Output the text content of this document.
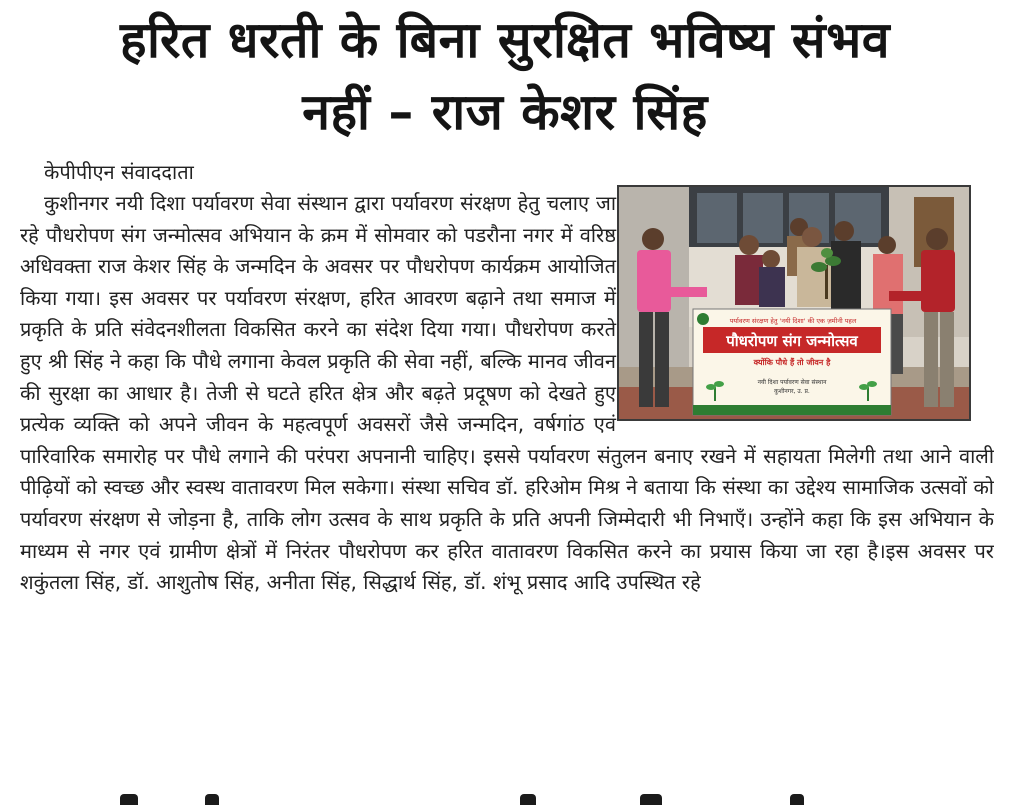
हरित धरती के बिना सुरक्षित भविष्य संभव
नहीं – राज केशर सिंह
केपीपीएन संवाददाता
कुशीनगर नयी दिशा पर्यावरण सेवा संस्थान द्वारा पर्यावरण संरक्षण हेतु चलाए जा रहे पौधरोपण संग जन्मोत्सव अभियान के क्रम में सोमवार को पडरौना नगर में वरिष्ठ अधिवक्ता राज केशर सिंह के जन्मदिन के अवसर पर पौधरोपण कार्यक्रम आयोजित किया गया। इस अवसर पर पर्यावरण संरक्षण, हरित आवरण बढ़ाने तथा समाज में प्रकृति के प्रति संवेदनशीलता विकसित करने का संदेश दिया गया। पौधरोपण करते हुए श्री सिंह ने कहा कि पौधे लगाना केवल प्रकृति की सेवा नहीं, बल्कि मानव जीवन की सुरक्षा का आधार है। तेजी से घटते हरित क्षेत्र और बढ़ते प्रदूषण को देखते हुए प्रत्येक व्यक्ति को अपने जीवन के महत्वपूर्ण अवसरों जैसे जन्मदिन, वर्षगांठ एवं पारिवारिक समारोह पर पौधे लगाने की परंपरा अपनानी चाहिए। इससे पर्यावरण संतुलन बनाए रखने में सहायता मिलेगी तथा आने वाली पीढ़ियों को स्वच्छ और स्वस्थ वातावरण मिल सकेगा। संस्था सचिव डॉ. हरिओम मिश्र ने बताया कि संस्था का उद्देश्य सामाजिक उत्सवों को पर्यावरण संरक्षण से जोड़ना है, ताकि लोग उत्सव के साथ प्रकृति के प्रति अपनी जिम्मेदारी भी निभाएँ। उन्होंने कहा कि इस अभियान के माध्यम से नगर एवं ग्रामीण क्षेत्रों में निरंतर पौधरोपण कर हरित वातावरण विकसित करने का प्रयास किया जा रहा है।इस अवसर पर शकुंतला सिंह, डॉ. आशुतोष सिंह, अनीता सिंह, सिद्धार्थ सिंह, डॉ. शंभू प्रसाद आदि उपस्थित रहे
पर्यावरण संरक्षण हेतु 'नयी दिशा' की एक ज़मीनी पहल
पौधरोपण संग जन्मोत्सव
क्योंकि पौधे हैं तो जीवन है
नयी दिशा पर्यावरण सेवा संस्थान
कुशीनगर, उ. प्र.
